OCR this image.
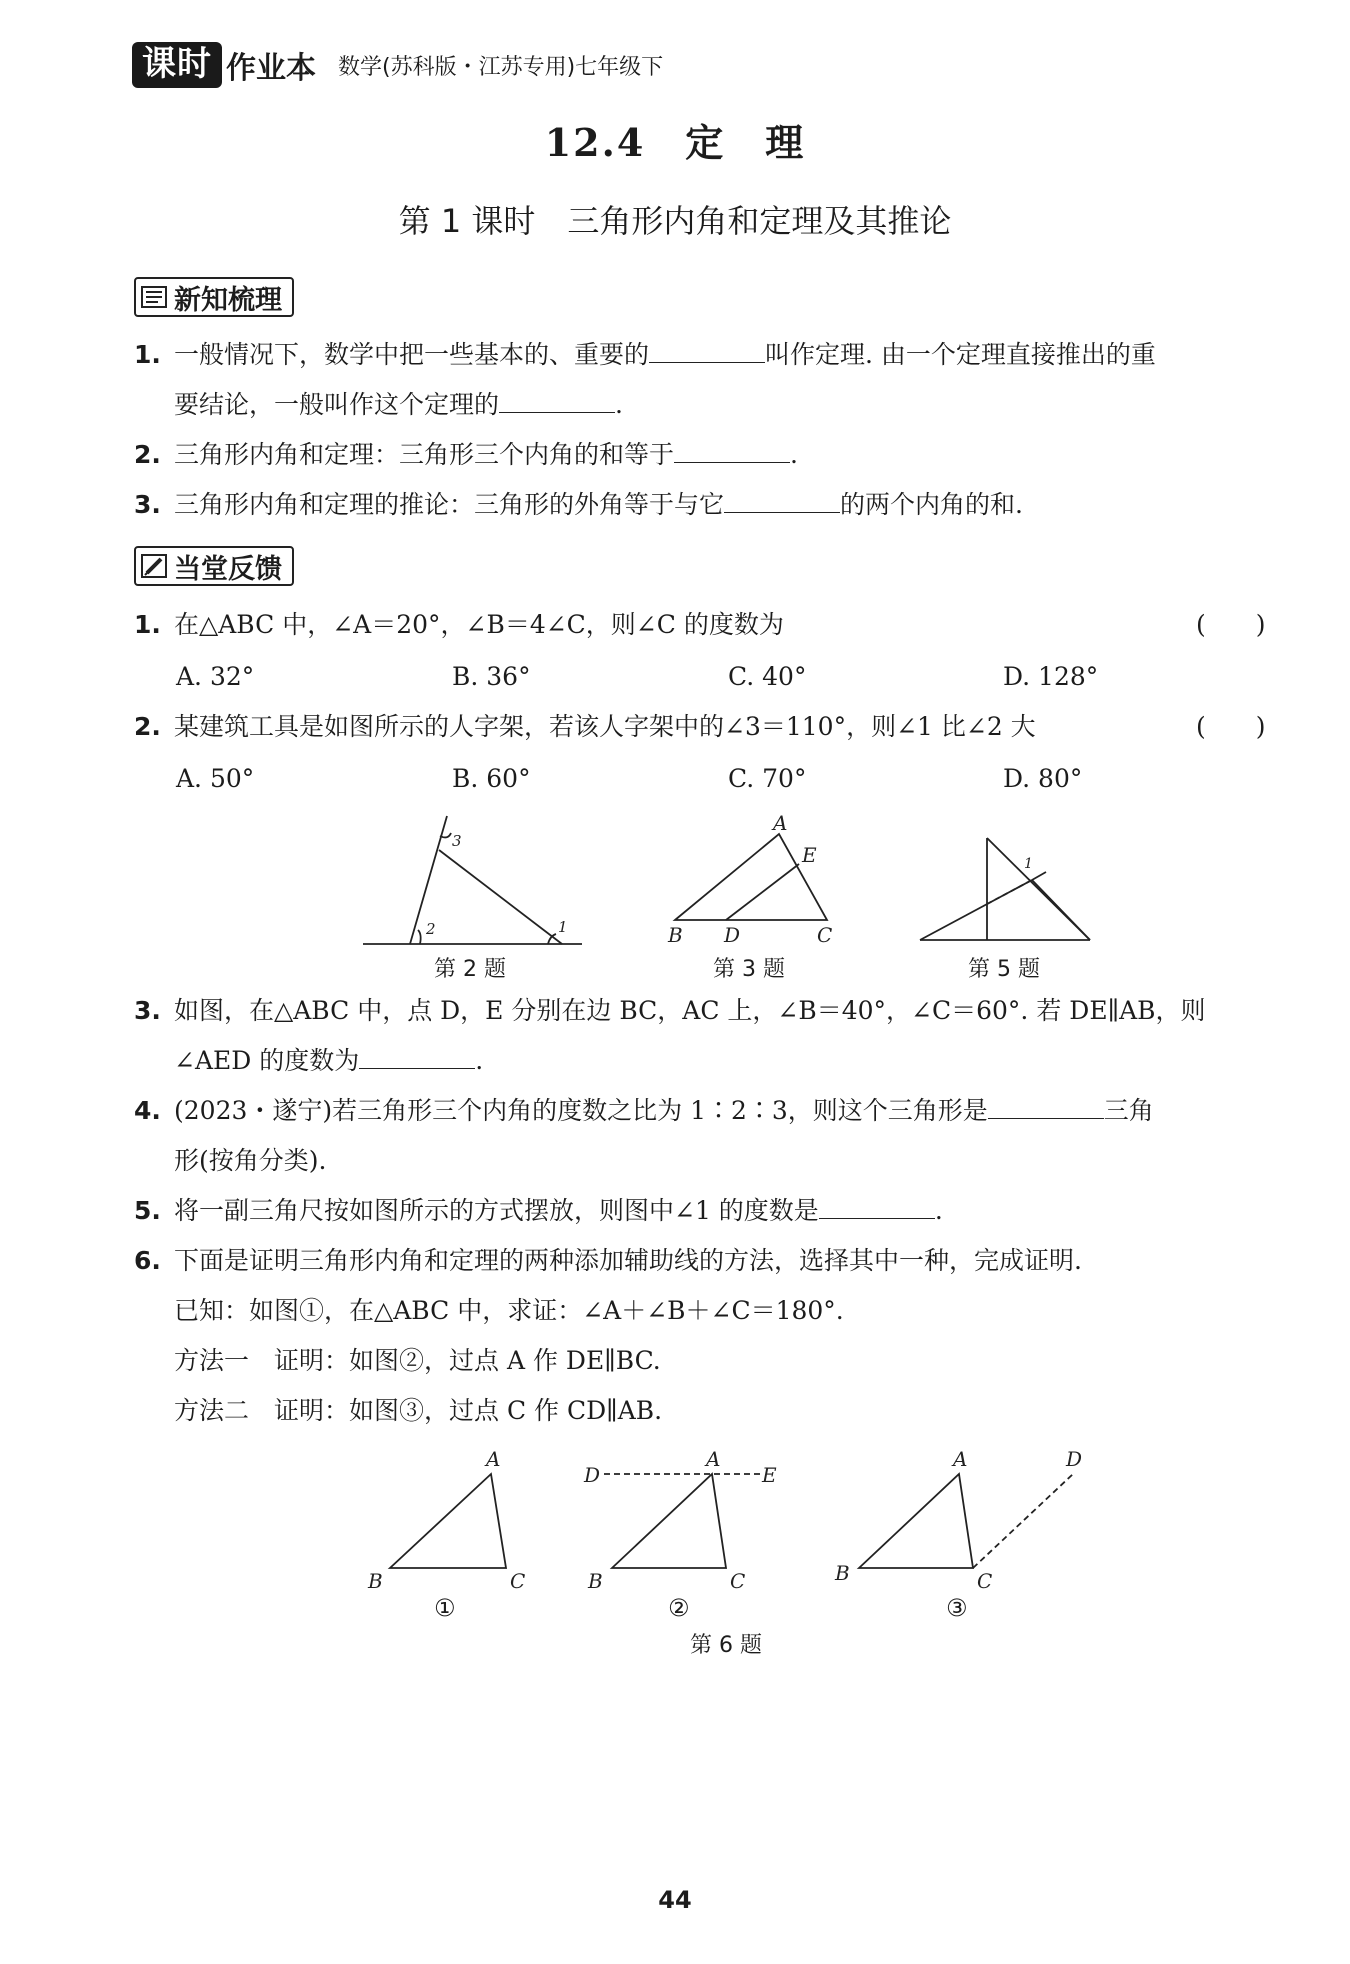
课时 作业本 数学(苏科版・江苏专用)七年级下
12.4　定　理
第 1 课时　三角形内角和定理及其推论
新知梳理
1. 一般情况下，数学中把一些基本的、重要的	叫作定理. 由一个定理直接推出的重
要结论，一般叫作这个定理的	.
2. 三角形内角和定理：三角形三个内角的和等于	.
3. 三角形内角和定理的推论：三角形的外角等于与它	的两个内角的和.
当堂反馈
1. 在△ABC 中，∠A＝20°，∠B＝4∠C，则∠C 的度数为	(　　)
A. 32°	B. 36°	C. 40°	D. 128°
2. 某建筑工具是如图所示的人字架，若该人字架中的∠3＝110°，则∠1 比∠2 大	(　　)
A. 50°	B. 60°	C. 70°	D. 80°
3
2	1
A
E
B D	C
1
第 2 题	第 3 题	第 5 题
3. 如图，在△ABC 中，点 D，E 分别在边 BC，AC 上，∠B＝40°，∠C＝60°. 若 DE∥AB，则
∠AED 的度数为	.
4. (2023・遂宁)若三角形三个内角的度数之比为 1∶2∶3，则这个三角形是	三角
形(按角分类).
5. 将一副三角尺按如图所示的方式摆放，则图中∠1 的度数是	.
6. 下面是证明三角形内角和定理的两种添加辅助线的方法，选择其中一种，完成证明.
已知：如图①，在△ABC 中，求证：∠A＋∠B＋∠C＝180°.
方法一　证明：如图②，过点 A 作 DE∥BC.
方法二　证明：如图③，过点 C 作 CD∥AB.
A
B	C
D
A
E
B	C
A	D
B	C
①	②	③
第 6 题
44
